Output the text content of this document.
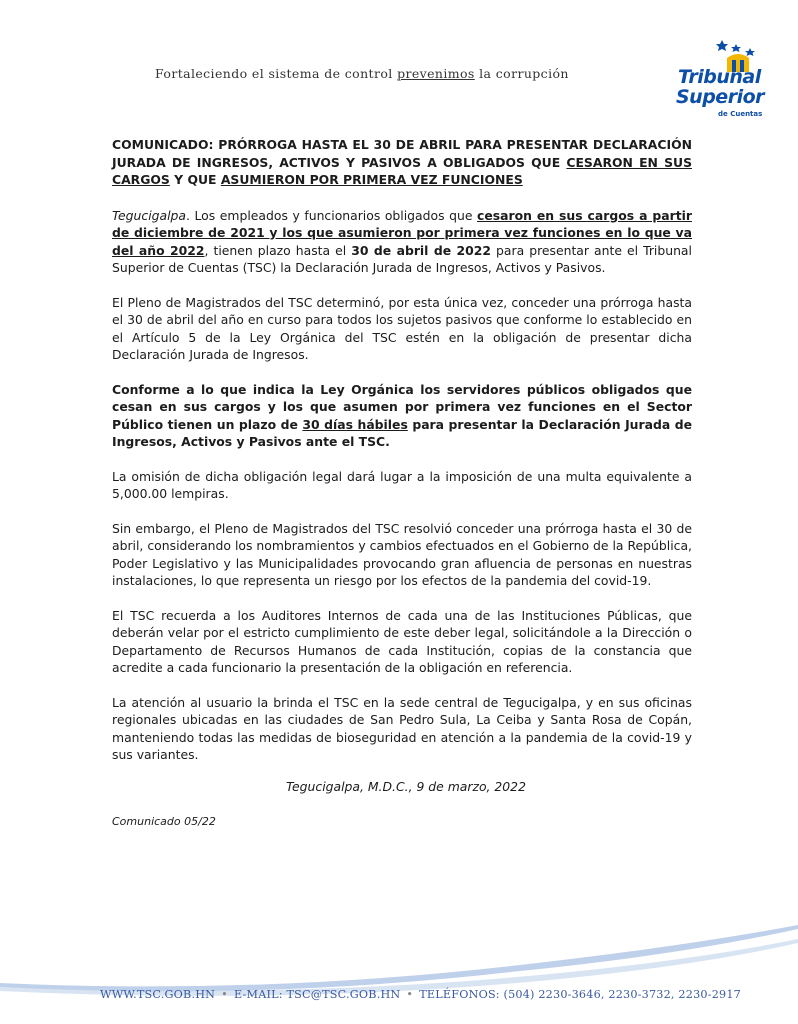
Fortaleciendo el sistema de control prevenimos la corrupción	Tribunal
Superior
de Cuentas

COMUNICADO: PRÓRROGA HASTA EL 30 DE ABRIL PARA PRESENTAR DECLARACIÓN JURADA DE INGRESOS, ACTIVOS Y PASIVOS A OBLIGADOS QUE CESARON EN SUS CARGOS Y QUE ASUMIERON POR PRIMERA VEZ FUNCIONES

Tegucigalpa. Los empleados y funcionarios obligados que cesaron en sus cargos a partir de diciembre de 2021 y los que asumieron por primera vez funciones en lo que va del año 2022, tienen plazo hasta el 30 de abril de 2022 para presentar ante el Tribunal Superior de Cuentas (TSC) la Declaración Jurada de Ingresos, Activos y Pasivos.

El Pleno de Magistrados del TSC determinó, por esta única vez, conceder una prórroga hasta el 30 de abril del año en curso para todos los sujetos pasivos que conforme lo establecido en el Artículo 5 de la Ley Orgánica del TSC estén en la obligación de presentar dicha Declaración Jurada de Ingresos.

Conforme a lo que indica la Ley Orgánica los servidores públicos obligados que cesan en sus cargos y los que asumen por primera vez funciones en el Sector Público tienen un plazo de 30 días hábiles para presentar la Declaración Jurada de Ingresos, Activos y Pasivos ante el TSC.

La omisión de dicha obligación legal dará lugar a la imposición de una multa equivalente a 5,000.00 lempiras.

Sin embargo, el Pleno de Magistrados del TSC resolvió conceder una prórroga hasta el 30 de abril, considerando los nombramientos y cambios efectuados en el Gobierno de la República, Poder Legislativo y las Municipalidades provocando gran afluencia de personas en nuestras instalaciones, lo que representa un riesgo por los efectos de la pandemia del covid-19.

El TSC recuerda a los Auditores Internos de cada una de las Instituciones Públicas, que deberán velar por el estricto cumplimiento de este deber legal, solicitándole a la Dirección o Departamento de Recursos Humanos de cada Institución, copias de la constancia que acredite a cada funcionario la presentación de la obligación en referencia.

La atención al usuario la brinda el TSC en la sede central de Tegucigalpa, y en sus oficinas regionales ubicadas en las ciudades de San Pedro Sula, La Ceiba y Santa Rosa de Copán, manteniendo todas las medidas de bioseguridad en atención a la pandemia de la covid-19 y sus variantes.

Tegucigalpa, M.D.C., 9 de marzo, 2022
Comunicado 05/22
WWW.TSC.GOB.HN • E-MAIL: TSC@TSC.GOB.HN • TELÉFONOS: (504) 2230-3646, 2230-3732, 2230-2917
